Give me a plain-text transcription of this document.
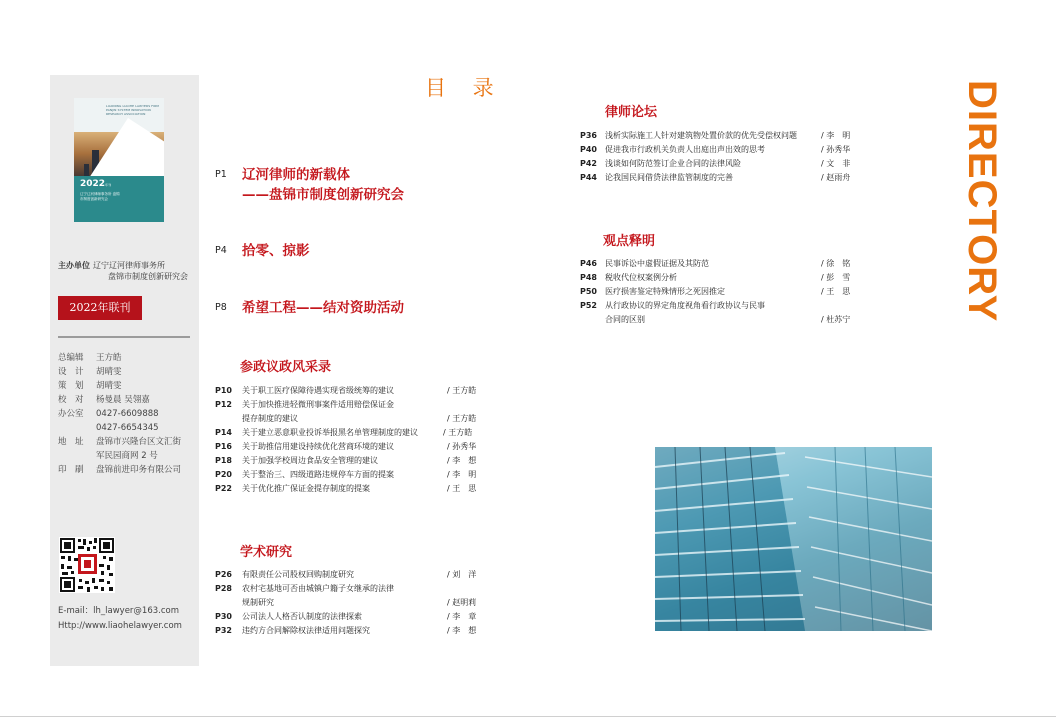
LIAONING LIAOHE LAWYERS FIRM PANJIN SYSTEM INNOVATION RESEARCH ASSOCIATION
2022年刊
辽宁辽河律师事务所 盘锦市制度创新研究会
主办单位 辽宁辽河律师事务所
盘锦市制度创新研究会
2022年联刊
总编辑	王方皓
设　计	胡晴雯
策　划	胡晴雯
校　对	杨曼晨 吴翎嘉
办公室	0427-6609888
0427-6654345
地　址	盘锦市兴隆台区文汇街
军民园商网 2 号
印　刷	盘锦前进印务有限公司
E-mail：lh_lawyer@163.com
Http://www.liaohelawyer.com
目 录	DIRECTORY
P1 辽河律师的新载体
——盘锦市制度创新研究会
P4 拾零、掠影
P8 希望工程——结对资助活动
参政议政风采录
P10 关于职工医疗保障待遇实现省级统筹的建议	/ 王方皓
P12 关于加快推进轻微刑事案件适用赔偿保证金
提存制度的建议	/ 王方皓
P14 关于建立恶意职业投诉举报黑名单管理制度的建议	/ 王方皓
P16 关于助推信用建设持续优化营商环境的建议	/ 孙秀华
P18 关于加强学校周边食品安全管理的建议	/ 李　想
P20 关于整治三、四级道路违规停车方面的提案	/ 李　明
P22 关于优化推广保证金提存制度的提案	/ 王　思
学术研究
P26 有限责任公司股权回购制度研究	/ 刘　洋
P28 农村宅基地可否由城镇户籍子女继承的法律
规制研究	/ 赵明莉
P30 公司法人人格否认制度的法律探索	/ 李　章
P32 违约方合同解除权法律适用问题探究	/ 李　想
律师论坛
P36 浅析实际施工人针对建筑物处置价款的优先受偿权问题	/ 李　明
P40 促进我市行政机关负责人出庭出声出效的思考	/ 孙秀华
P42 浅谈如何防范签订企业合同的法律风险	/ 文　非
P44 论我国民间借贷法律监管制度的完善	/ 赵雨舟
观点释明
P46 民事诉讼中虚假证据及其防范	/ 徐　铭
P48 税收代位权案例分析	/ 彭　雪
P50 医疗损害鉴定特殊情形之死因推定	/ 王　思
P52 从行政协议的界定角度视角看行政协议与民事
合同的区别	/ 杜苏宁
